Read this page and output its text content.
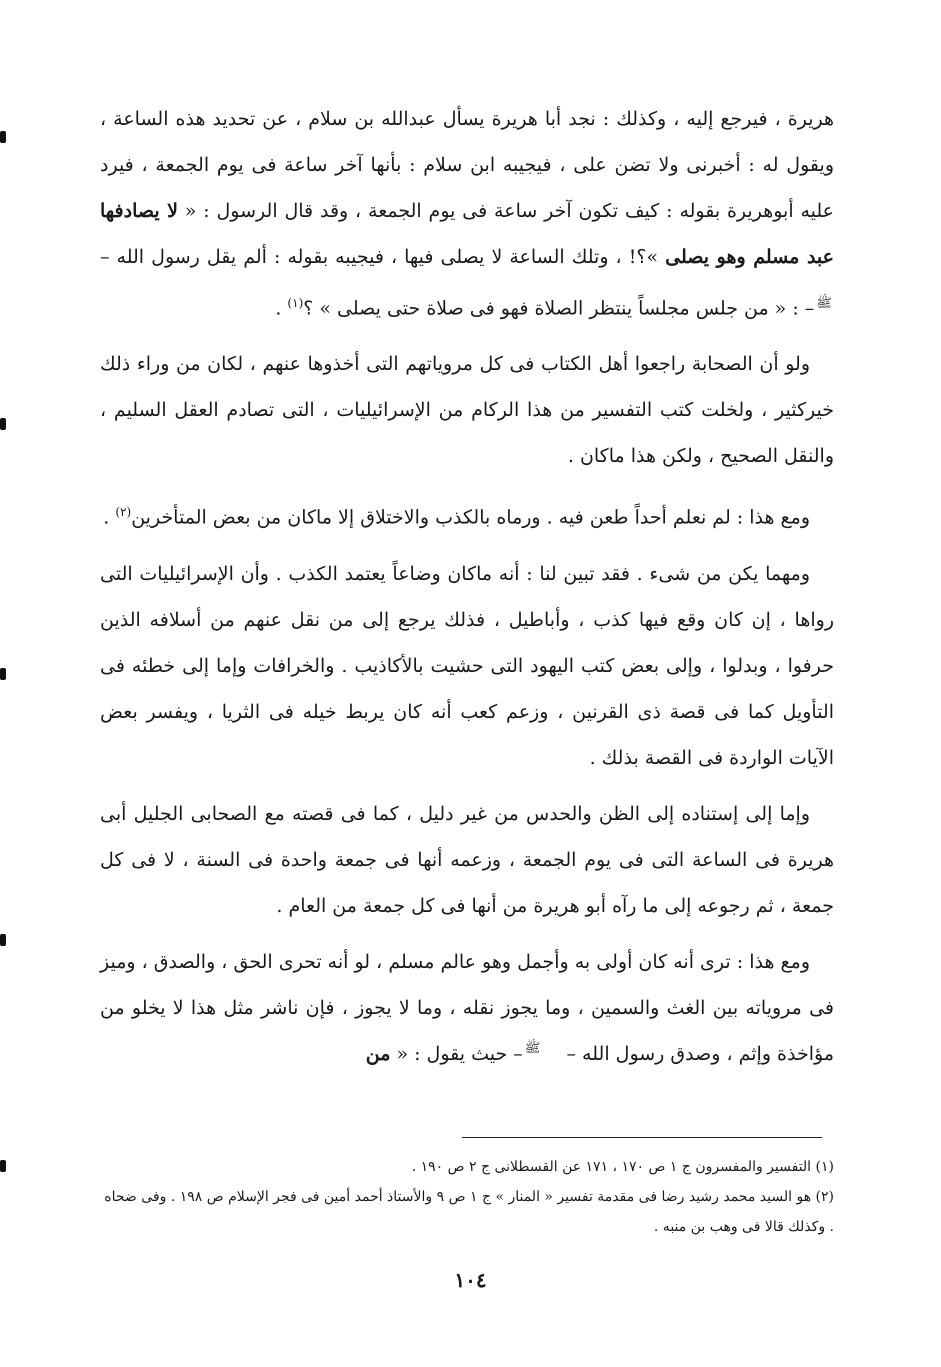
هريرة ، فيرجع إليه ، وكذلك : نجد أبا هريرة يسأل عبدالله بن سلام ، عن تحديد هذه الساعة ، ويقول له : أخبرنى ولا تضن على ، فيجيبه ابن سلام : بأنها آخر ساعة فى يوم الجمعة ، فيرد عليه أبوهريرة بقوله : كيف تكون آخر ساعة فى يوم الجمعة ، وقد قال الرسول : « لا يصادفها عبد مسلم وهو يصلى »؟! ، وتلك الساعة لا يصلى فيها ، فيجيبه بقوله : ألم يقل رسول الله –ﷺ– : « من جلس مجلساً ينتظر الصلاة فهو فى صلاة حتى يصلى » ؟$^{(١)}$ .

ولو أن الصحابة راجعوا أهل الكتاب فى كل مروياتهم التى أخذوها عنهم ، لكان من وراء ذلك خيركثير ، ولخلت كتب التفسير من هذا الركام من الإسرائيليات ، التى تصادم العقل السليم ، والنقل الصحيح ، ولكن هذا ماكان .

ومع هذا : لم نعلم أحداً طعن فيه . ورماه بالكذب والاختلاق إلا ماكان من بعض المتأخرين$^{(٢)}$ .

ومهما يكن من شىء . فقد تبين لنا : أنه ماكان وضاعاً يعتمد الكذب . وأن الإسرائيليات التى رواها ، إن كان وقع فيها كذب ، وأباطيل ، فذلك يرجع إلى من نقل عنهم من أسلافه الذين حرفوا ، وبدلوا ، وإلى بعض كتب اليهود التى حشيت بالأكاذيب . والخرافات وإما إلى خطئه فى التأويل كما فى قصة ذى القرنين ، وزعم كعب أنه كان يربط خيله فى الثريا ، ويفسر بعض الآيات الواردة فى القصة بذلك .

وإما إلى إستناده إلى الظن والحدس من غير دليل ، كما فى قصته مع الصحابى الجليل أبى هريرة فى الساعة التى فى يوم الجمعة ، وزعمه أنها فى جمعة واحدة فى السنة ، لا فى كل جمعة ، ثم رجوعه إلى ما رآه أبو هريرة من أنها فى كل جمعة من العام .

ومع هذا : ترى أنه كان أولى به وأجمل وهو عالم مسلم ، لو أنه تحرى الحق ، والصدق ، وميز فى مروياته بين الغث والسمين ، وما يجوز نقله ، وما لا يجوز ، فإن ناشر مثل هذا لا يخلو من مؤاخذة وإثم ، وصدق رسول الله –ﷺ– حيث يقول : « من

(١) التفسير والمفسرون ج ١ ص ١٧٠ ، ١٧١ عن القسطلانى ج ٢ ص ١٩٠ .

(٢) هو السيد محمد رشيد رضا فى مقدمة تفسير « المنار » ج ١ ص ٩ والأستاذ أحمد أمين فى فجر الإسلام ص ١٩٨ . وفى ضحاه . وكذلك قالا فى وهب بن منبه .

١٠٤
